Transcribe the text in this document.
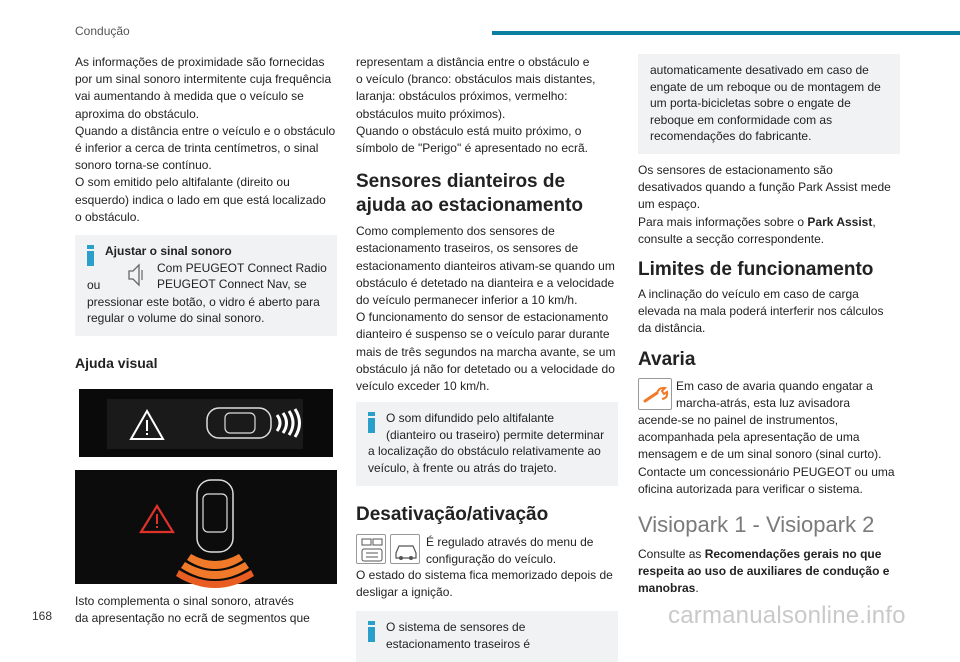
Condução
As informações de proximidade são fornecidas
por um sinal sonoro intermitente cuja frequência
vai aumentando à medida que o veículo se
aproxima do obstáculo.
Quando a distância entre o veículo e o obstáculo
é inferior a cerca de trinta centímetros, o sinal
sonoro torna-se contínuo.
O som emitido pelo altifalante (direito ou
esquerdo) indica o lado em que está localizado
o obstáculo.
Ajustar o sinal sonoro
ou
Com PEUGEOT Connect Radio
PEUGEOT Connect Nav, se
pressionar este botão, o vidro é aberto para
regular o volume do sinal sonoro.
Ajuda visual
Isto complementa o sinal sonoro, através
da apresentação no ecrã de segmentos que
representam a distância entre o obstáculo e
o veículo (branco: obstáculos mais distantes,
laranja: obstáculos próximos, vermelho:
obstáculos muito próximos).
Quando o obstáculo está muito próximo, o
símbolo de "Perigo" é apresentado no ecrã.
Sensores dianteiros de
ajuda ao estacionamento
Como complemento dos sensores de
estacionamento traseiros, os sensores de
estacionamento dianteiros ativam-se quando um
obstáculo é detetado na dianteira e a velocidade
do veículo permanecer inferior a 10 km/h.
O funcionamento do sensor de estacionamento
dianteiro é suspenso se o veículo parar durante
mais de três segundos na marcha avante, se um
obstáculo já não for detetado ou a velocidade do
veículo exceder 10 km/h.
O som difundido pelo altifalante
(dianteiro ou traseiro) permite determinar
a localização do obstáculo relativamente ao
veículo, à frente ou atrás do trajeto.
Desativação/ativação
É regulado através do menu de
configuração do veículo.
O estado do sistema fica memorizado depois de
desligar a ignição.
O sistema de sensores de
estacionamento traseiros é
automaticamente desativado em caso de
engate de um reboque ou de montagem de
um porta-bicicletas sobre o engate de
reboque em conformidade com as
recomendações do fabricante.
Os sensores de estacionamento são
desativados quando a função Park Assist mede
um espaço.
Para mais informações sobre o Park Assist,
consulte a secção correspondente.
Limites de funcionamento
A inclinação do veículo em caso de carga
elevada na mala poderá interferir nos cálculos
da distância.
Avaria
Em caso de avaria quando engatar a
marcha-atrás, esta luz avisadora
acende-se no painel de instrumentos,
acompanhada pela apresentação de uma
mensagem e de um sinal sonoro (sinal curto).
Contacte um concessionário PEUGEOT ou uma
oficina autorizada para verificar o sistema.
Visiopark 1 - Visiopark 2
Consulte as Recomendações gerais no que
respeita ao uso de auxiliares de condução e
manobras.
168	carmanualsonline.info
